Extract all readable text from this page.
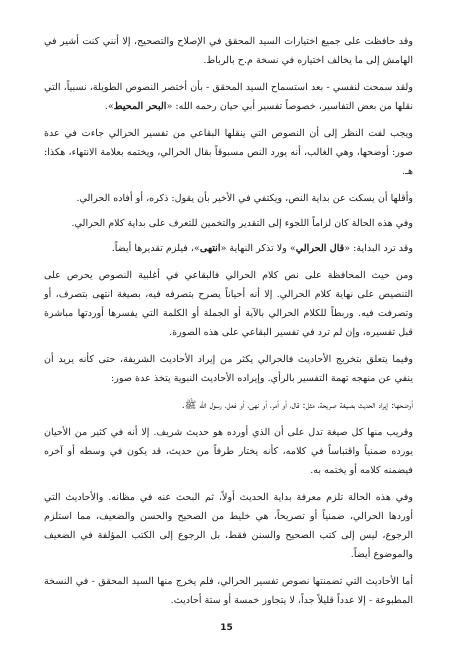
وقد حافظت على جميع اختيارات السيد المحقق في الإصلاح والتصحيح، إلا أنني كنت أشير في الهامش إلى ما يخالف اختياره في نسخة م.ح بالرباط.

ولقد سمحت لنفسي - بعد استسماح السيد المحقق - بأن أختصر النصوص الطويلة، نسبياً، التي نقلها من بعض التفاسير، خصوصاً تفسير أبي حيان رحمه الله: «البحر المحيط».

ويجب لفت النظر إلى أن النصوص التي ينقلها البقاعي من تفسير الحرالي جاءت في عدة صور: أوضحها، وهي الغالب، أنه يورد النص مسبوقاً بقال الحرالي، ويختمه بعلامة الانتهاء، هكذا: هـ.

وأقلها أن يسكت عن بداية النص، ويكتفي في الأخير بأن يقول: ذكره، أو أفاده الحرالي.

وفي هذه الحالة كان لزاماً اللجوء إلى التقدير والتخمين للتعرف على بداية كلام الحرالي.

وقد ترد البداية: «قال الحرالي» ولا تذكر النهاية «انتهى»، فيلزم تقديرها أيضاً.

ومن حيث المحافظة على نص كلام الحرالي فالبقاعي في أغلبية النصوص يحرص على التنصيص على نهاية كلام الحرالي. إلا أنه أحياناً يصرح بتصرفه فيه، بصيغة انتهى بتصرف، أو وتصرفت فيه. وربطاً للكلام الحرالي بالآية أو الجملة أو الكلمة التي يفسرها أوردتها مباشرة قبل تفسيره، وإن لم ترد في تفسير البقاعي على هذه الصورة.

وفيما يتعلق بتخريج الأحاديث فالحرالي يكثر من إيراد الأحاديث الشريفة، حتى كأنه يريد أن ينفي عن منهجه تهمة التفسير بالرأي. وإيراده الأحاديث النبوية يتخذ عدة صور:

أوضحها: إيراد الحديث بصيغة صريحة، مثل: قال، أو أمر، أو نهى، أو فعل، رسول الله ﷺ.

وقريب منها كل صيغة تدل على أن الذي أورده هو حديث شريف. إلا أنه في كثير من الأحيان يورده ضمنياً واقتباساً في كلامه، كأنه يختار طرفاً من حديث، قد يكون في وسطه أو آخره فيضمنه كلامه أو يختمه به.

وفي هذه الحالة تلزم معرفة بداية الحديث أولاً، ثم البحث عنه في مظانه. والأحاديث التي أوردها الحرالي، ضمنياً أو تصريحاً، هي خليط من الصحيح والحسن والضعيف، مما استلزم الرجوع، ليس إلى كتب الصحيح والسنن فقط، بل الرجوع إلى الكتب المؤلفة في الضعيف والموضوع أيضاً.

أما الأحاديث التي تضمنتها نصوص تفسير الحرالي، فلم يخرج منها السيد المحقق - في النسخة المطبوعة - إلا عدداً قليلاً جداً، لا يتجاوز خمسة أو ستة أحاديث.

15
